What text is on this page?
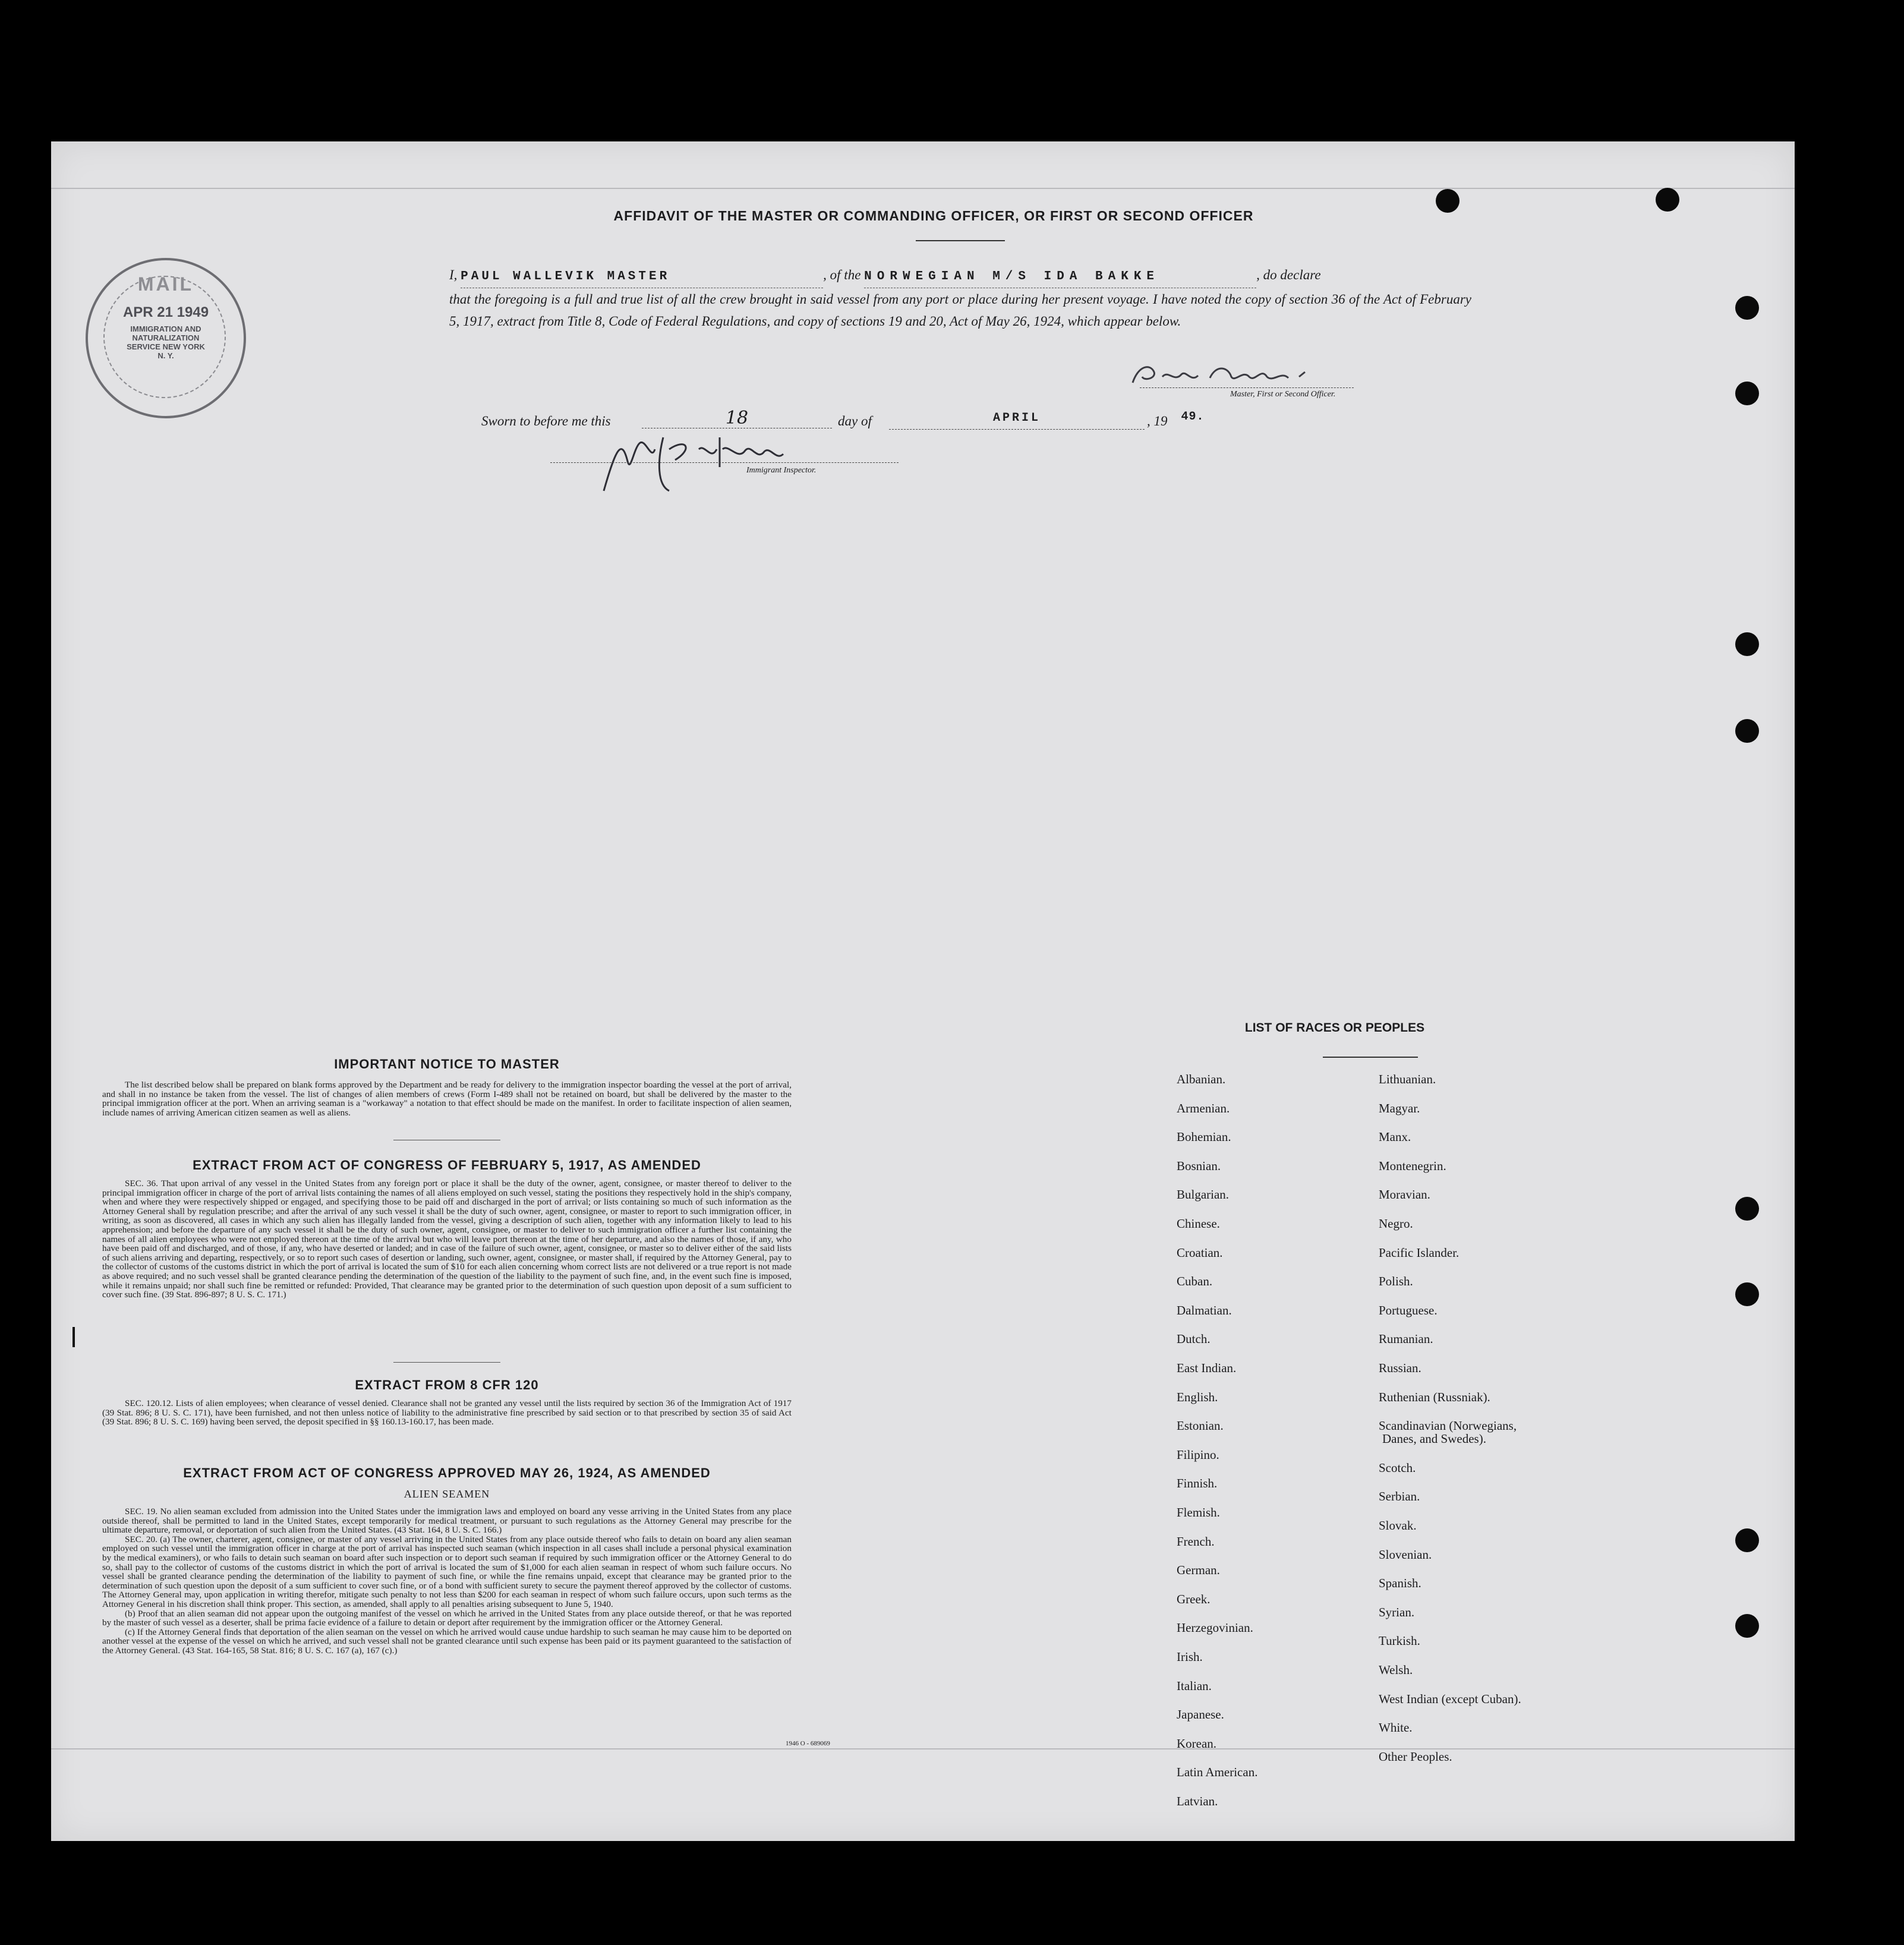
AFFIDAVIT OF THE MASTER OR COMMANDING OFFICER, OR FIRST OR SECOND OFFICER
I, PAUL WALLEVIK MASTER	, of the NORWEGIAN M/S IDA BAKKE	, do declare
that the foregoing is a full and true list of all the crew brought in said vessel from any port or place during her present voyage. I have noted the copy of section 36 of the Act of February 5, 1917, extract from Title 8, Code of Federal Regulations, and copy of sections 19 and 20, Act of May 26, 1924, which appear below.
MAIL
APR 21 1949
IMMIGRATION AND NATURALIZATION SERVICE NEW YORK N. Y.
Master, First or Second Officer.
Sworn to before me this	18	day of	APRIL	, 19 49.
Immigrant Inspector.
IMPORTANT NOTICE TO MASTER

The list described below shall be prepared on blank forms approved by the Department and be ready for delivery to the immigration inspector boarding the vessel at the port of arrival, and shall in no instance be taken from the vessel. The list of changes of alien members of crews (Form I-489 shall not be retained on board, but shall be delivered by the master to the principal immigration officer at the port. When an arriving seaman is a "workaway" a notation to that effect should be made on the manifest. In order to facilitate inspection of alien seamen, include names of arriving American citizen seamen as well as aliens.

EXTRACT FROM ACT OF CONGRESS OF FEBRUARY 5, 1917, AS AMENDED

SEC. 36. That upon arrival of any vessel in the United States from any foreign port or place it shall be the duty of the owner, agent, consignee, or master thereof to deliver to the principal immigration officer in charge of the port of arrival lists containing the names of all aliens employed on such vessel, stating the positions they respectively hold in the ship's company, when and where they were respectively shipped or engaged, and specifying those to be paid off and discharged in the port of arrival; or lists containing so much of such information as the Attorney General shall by regulation prescribe; and after the arrival of any such vessel it shall be the duty of such owner, agent, consignee, or master to report to such immigration officer, in writing, as soon as discovered, all cases in which any such alien has illegally landed from the vessel, giving a description of such alien, together with any information likely to lead to his apprehension; and before the departure of any such vessel it shall be the duty of such owner, agent, consignee, or master to deliver to such immigration officer a further list containing the names of all alien employees who were not employed thereon at the time of the arrival but who will leave port thereon at the time of her departure, and also the names of those, if any, who have been paid off and discharged, and of those, if any, who have deserted or landed; and in case of the failure of such owner, agent, consignee, or master so to deliver either of the said lists of such aliens arriving and departing, respectively, or so to report such cases of desertion or landing, such owner, agent, consignee, or master shall, if required by the Attorney General, pay to the collector of customs of the customs district in which the port of arrival is located the sum of $10 for each alien concerning whom correct lists are not delivered or a true report is not made as above required; and no such vessel shall be granted clearance pending the determination of the question of the liability to the payment of such fine, and, in the event such fine is imposed, while it remains unpaid; nor shall such fine be remitted or refunded: Provided, That clearance may be granted prior to the determination of such question upon deposit of a sum sufficient to cover such fine. (39 Stat. 896-897; 8 U. S. C. 171.)

EXTRACT FROM 8 CFR 120

SEC. 120.12. Lists of alien employees; when clearance of vessel denied. Clearance shall not be granted any vessel until the lists required by section 36 of the Immigration Act of 1917 (39 Stat. 896; 8 U. S. C. 171), have been furnished, and not then unless notice of liability to the administrative fine prescribed by said section or to that prescribed by section 35 of said Act (39 Stat. 896; 8 U. S. C. 169) having been served, the deposit specified in §§ 160.13-160.17, has been made.

EXTRACT FROM ACT OF CONGRESS APPROVED MAY 26, 1924, AS AMENDED
ALIEN SEAMEN

SEC. 19. No alien seaman excluded from admission into the United States under the immigration laws and employed on board any vesse arriving in the United States from any place outside thereof, shall be permitted to land in the United States, except temporarily for medical treatment, or pursuant to such regulations as the Attorney General may prescribe for the ultimate departure, removal, or deportation of such alien from the United States. (43 Stat. 164, 8 U. S. C. 166.)

SEC. 20. (a) The owner, charterer, agent, consignee, or master of any vessel arriving in the United States from any place outside thereof who fails to detain on board any alien seaman employed on such vessel until the immigration officer in charge at the port of arrival has inspected such seaman (which inspection in all cases shall include a personal physical examination by the medical examiners), or who fails to detain such seaman on board after such inspection or to deport such seaman if required by such immigration officer or the Attorney General to do so, shall pay to the collector of customs of the customs district in which the port of arrival is located the sum of $1,000 for each alien seaman in respect of whom such failure occurs. No vessel shall be granted clearance pending the determination of the liability to payment of such fine, or while the fine remains unpaid, except that clearance may be granted prior to the determination of such question upon the deposit of a sum sufficient to cover such fine, or of a bond with sufficient surety to secure the payment thereof approved by the collector of customs. The Attorney General may, upon application in writing therefor, mitigate such penalty to not less than $200 for each seaman in respect of whom such failure occurs, upon such terms as the Attorney General in his discretion shall think proper. This section, as amended, shall apply to all penalties arising subsequent to June 5, 1940.

(b) Proof that an alien seaman did not appear upon the outgoing manifest of the vessel on which he arrived in the United States from any place outside thereof, or that he was reported by the master of such vessel as a deserter, shall be prima facie evidence of a failure to detain or deport after requirement by the immigration officer or the Attorney General.

(c) If the Attorney General finds that deportation of the alien seaman on the vessel on which he arrived would cause undue hardship to such seaman he may cause him to be deported on another vessel at the expense of the vessel on which he arrived, and such vessel shall not be granted clearance until such expense has been paid or its payment guaranteed to the satisfaction of the Attorney General. (43 Stat. 164-165, 58 Stat. 816; 8 U. S. C. 167 (a), 167 (c).)

1946 O - 689069
LIST OF RACES OR PEOPLES
Albanian.
Armenian.
Bohemian.
Bosnian.
Bulgarian.
Chinese.
Croatian.
Cuban.
Dalmatian.
Dutch.
East Indian.
English.
Estonian.
Filipino.
Finnish.
Flemish.
French.
German.
Greek.
Herzegovinian.
Irish.
Italian.
Japanese.
Korean.
Latin American.
Latvian.
Lithuanian.
Magyar.
Manx.
Montenegrin.
Moravian.
Negro.
Pacific Islander.
Polish.
Portuguese.
Rumanian.
Russian.
Ruthenian (Russniak).
Scandinavian (Norwegians,
Danes, and Swedes).
Scotch.
Serbian.
Slovak.
Slovenian.
Spanish.
Syrian.
Turkish.
Welsh.
West Indian (except Cuban).
White.
Other Peoples.
